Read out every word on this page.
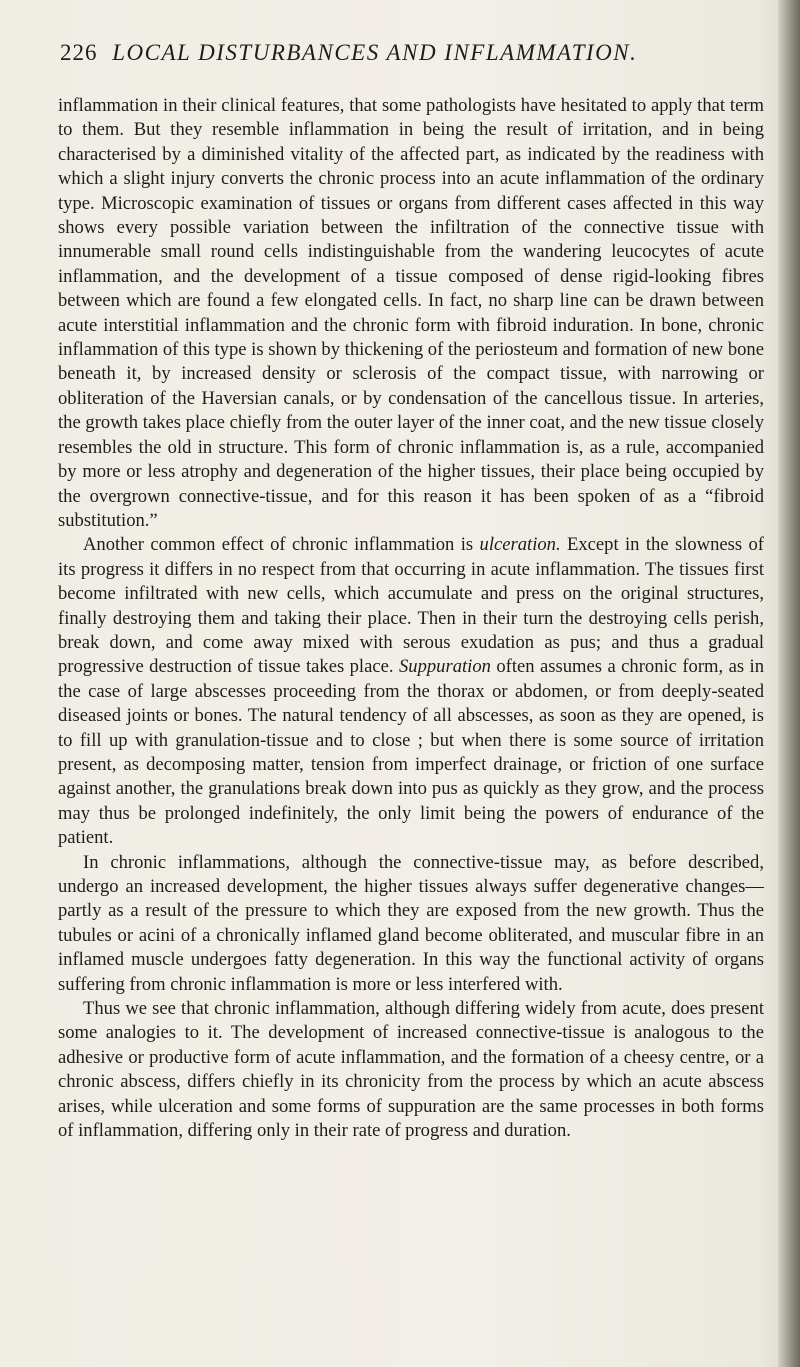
226 LOCAL DISTURBANCES AND INFLAMMATION.

inflammation in their clinical features, that some pathologists have hesitated to apply that term to them. But they resemble inflammation in being the result of irritation, and in being characterised by a diminished vitality of the affected part, as indicated by the readiness with which a slight injury converts the chronic process into an acute inflammation of the ordinary type. Microscopic examination of tissues or organs from different cases affected in this way shows every possible variation between the infiltration of the connective tissue with innumerable small round cells indistinguishable from the wandering leucocytes of acute inflammation, and the development of a tissue composed of dense rigid-looking fibres between which are found a few elongated cells. In fact, no sharp line can be drawn between acute interstitial inflammation and the chronic form with fibroid induration. In bone, chronic inflammation of this type is shown by thickening of the periosteum and formation of new bone beneath it, by increased density or sclerosis of the compact tissue, with narrowing or obliteration of the Haversian canals, or by condensation of the cancellous tissue. In arteries, the growth takes place chiefly from the outer layer of the inner coat, and the new tissue closely resembles the old in structure. This form of chronic inflammation is, as a rule, accompanied by more or less atrophy and degeneration of the higher tissues, their place being occupied by the overgrown connective-tissue, and for this reason it has been spoken of as a “fibroid substitution.”

Another common effect of chronic inflammation is ulceration. Except in the slowness of its progress it differs in no respect from that occurring in acute inflammation. The tissues first become infiltrated with new cells, which accumulate and press on the original structures, finally destroying them and taking their place. Then in their turn the destroying cells perish, break down, and come away mixed with serous exudation as pus; and thus a gradual progressive destruction of tissue takes place. Suppuration often assumes a chronic form, as in the case of large abscesses proceeding from the thorax or abdomen, or from deeply-seated diseased joints or bones. The natural tendency of all abscesses, as soon as they are opened, is to fill up with granulation-tissue and to close ; but when there is some source of irritation present, as decomposing matter, tension from imperfect drainage, or friction of one surface against another, the granulations break down into pus as quickly as they grow, and the process may thus be prolonged indefinitely, the only limit being the powers of endurance of the patient.

In chronic inflammations, although the connective-tissue may, as before described, undergo an increased development, the higher tissues always suffer degenerative changes—partly as a result of the pressure to which they are exposed from the new growth. Thus the tubules or acini of a chronically inflamed gland become obliterated, and muscular fibre in an inflamed muscle undergoes fatty degeneration. In this way the functional activity of organs suffering from chronic inflammation is more or less interfered with.

Thus we see that chronic inflammation, although differing widely from acute, does present some analogies to it. The development of increased connective-tissue is analogous to the adhesive or productive form of acute inflammation, and the formation of a cheesy centre, or a chronic abscess, differs chiefly in its chronicity from the process by which an acute abscess arises, while ulceration and some forms of suppuration are the same processes in both forms of inflammation, differing only in their rate of progress and duration.
